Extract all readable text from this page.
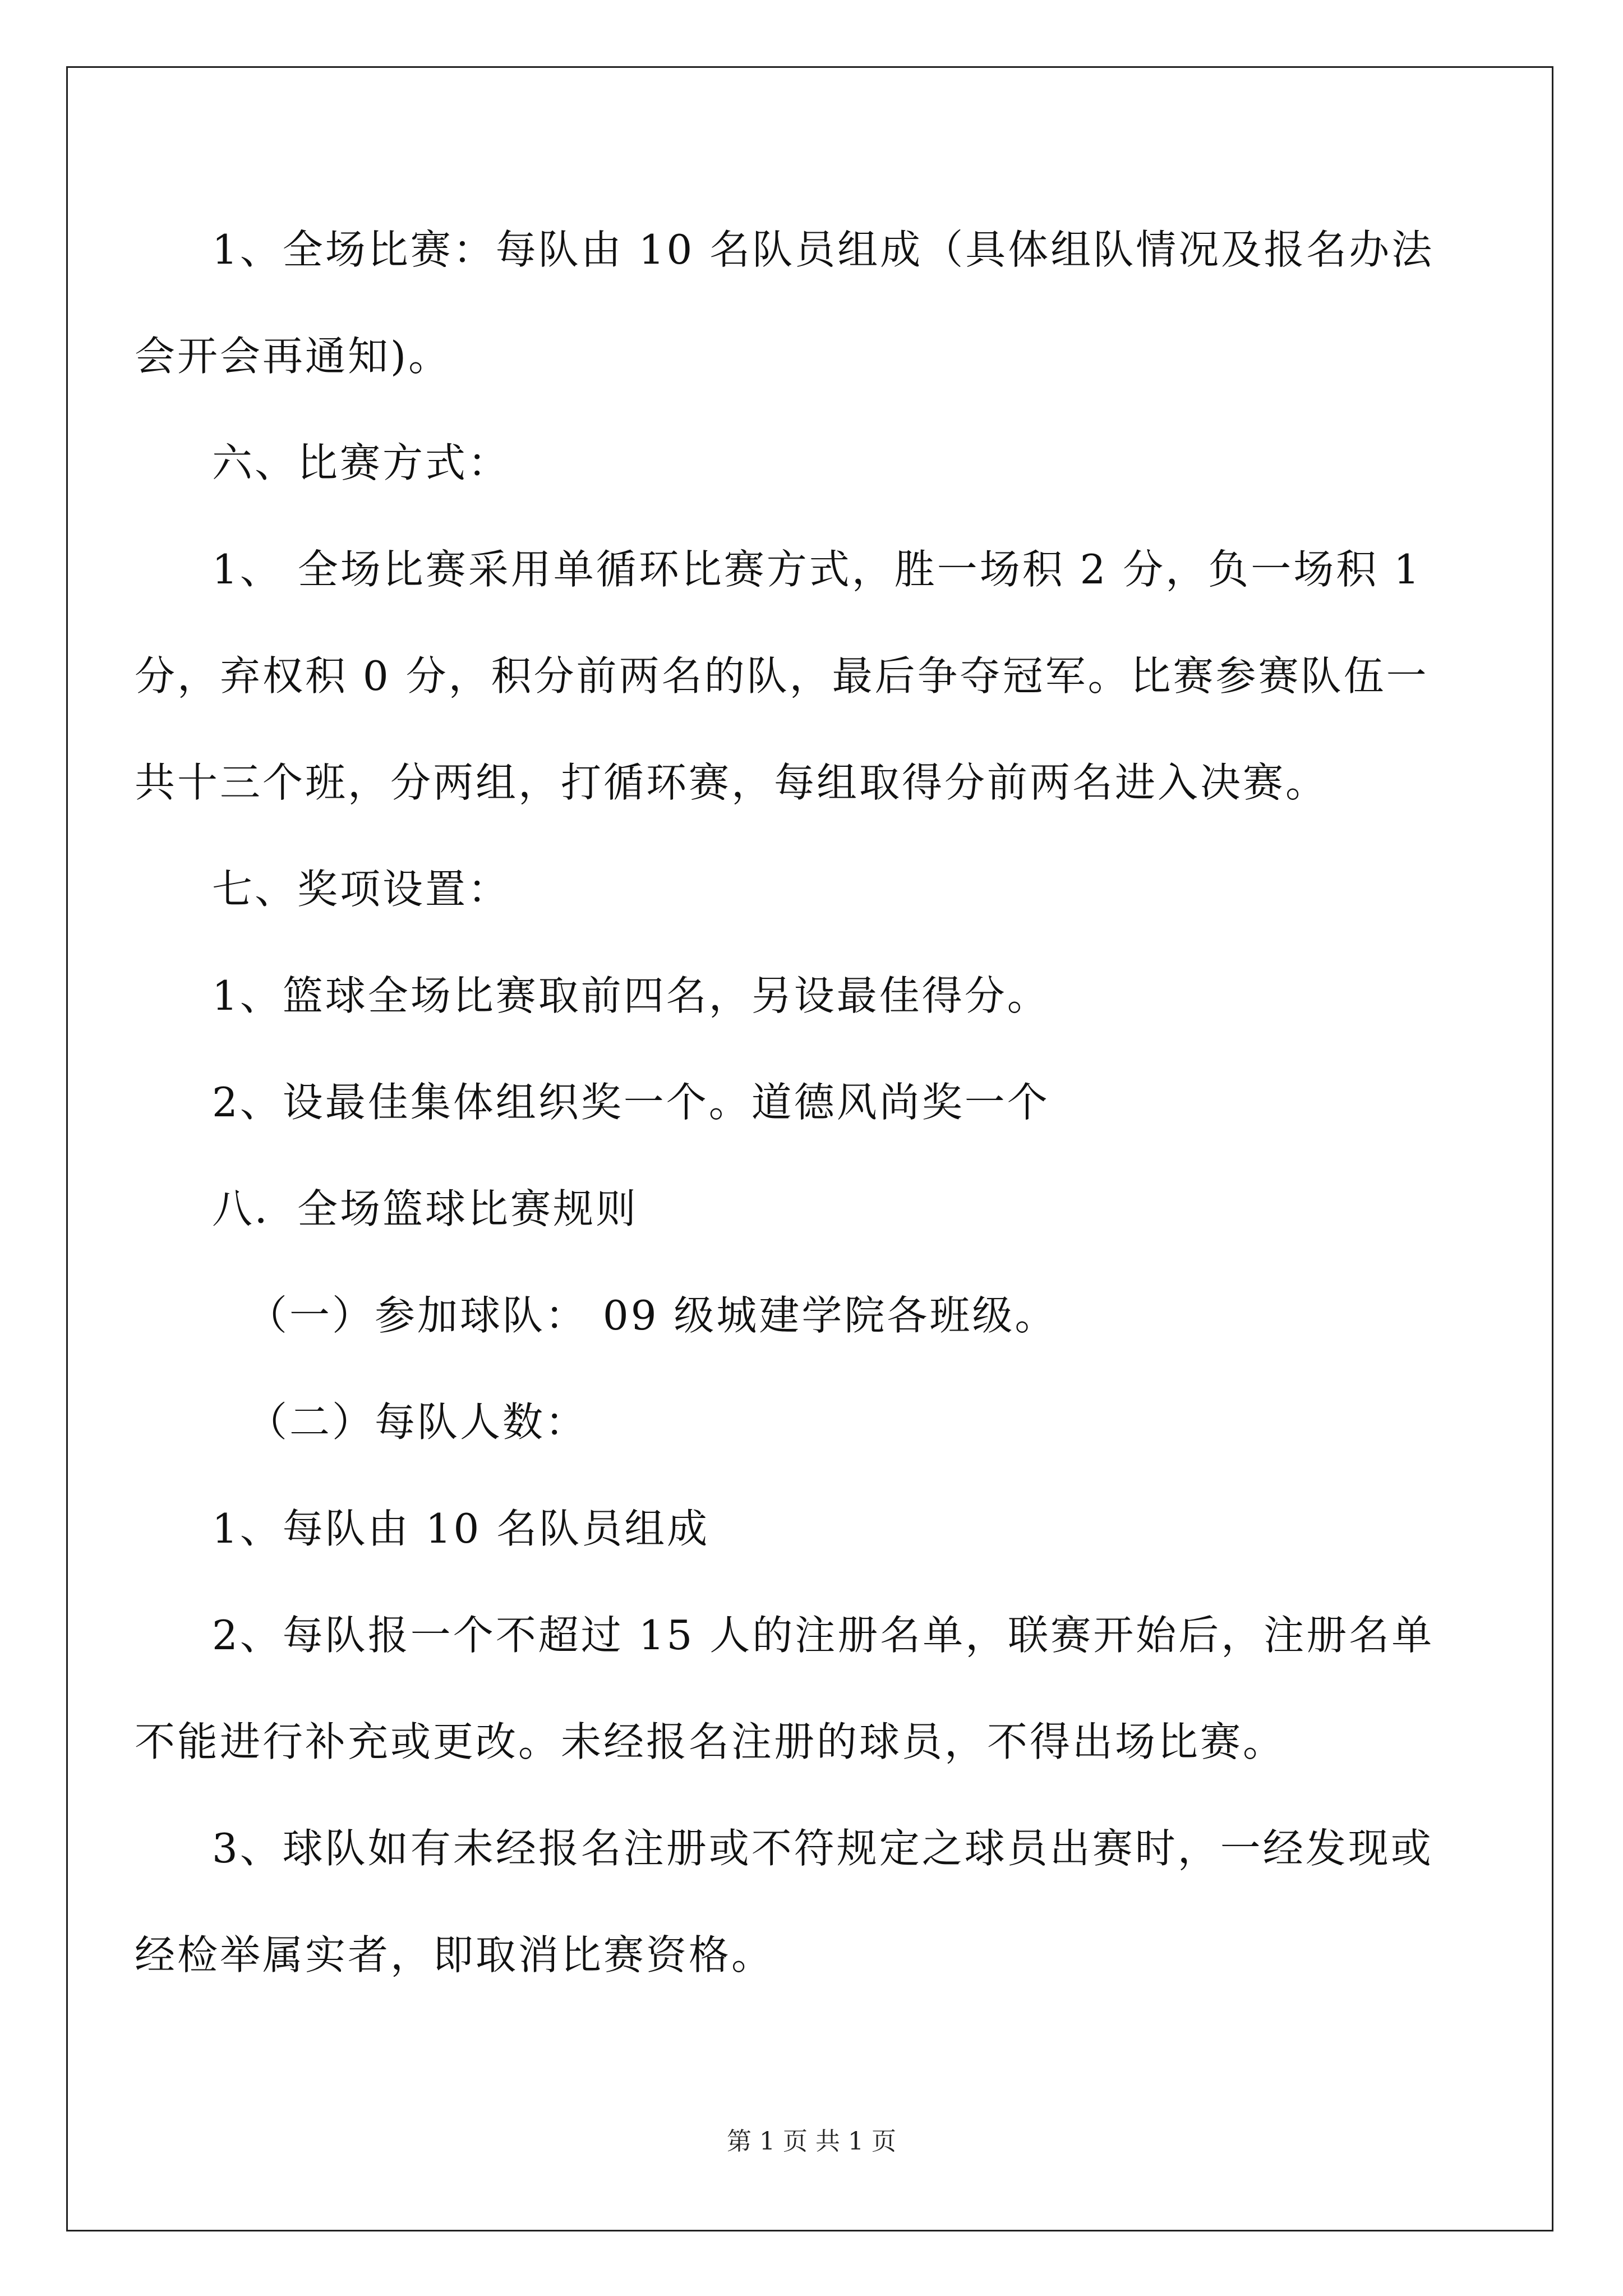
1、全场比赛：每队由 10 名队员组成（具体组队情况及报名办法
会开会再通知)。
六、比赛方式：
1、 全场比赛采用单循环比赛方式，胜一场积 2 分，负一场积 1
分，弃权积 0 分，积分前两名的队，最后争夺冠军。比赛参赛队伍一
共十三个班，分两组，打循环赛，每组取得分前两名进入决赛。
七、奖项设置：
1、篮球全场比赛取前四名，另设最佳得分。
2、设最佳集体组织奖一个。道德风尚奖一个
八．全场篮球比赛规则
（一）参加球队： 09 级城建学院各班级。
（二）每队人数：
1、每队由 10 名队员组成
2、每队报一个不超过 15 人的注册名单，联赛开始后，注册名单
不能进行补充或更改。未经报名注册的球员，不得出场比赛。
3、球队如有未经报名注册或不符规定之球员出赛时，一经发现或
经检举属实者，即取消比赛资格。
第 1 页 共 1 页
